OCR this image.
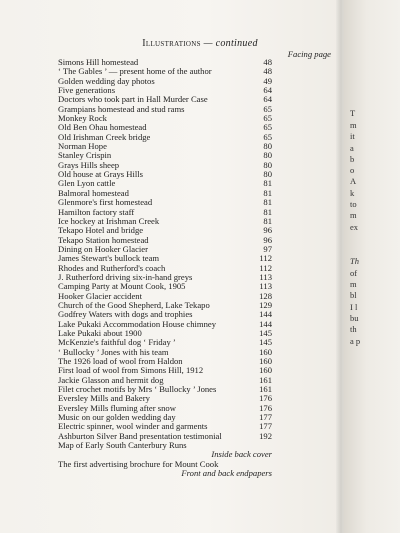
T
m
it
a
b
o
A
k
to
m
ex
Th
of
m
bl
I l
bu
th
a p
Illustrations — continued
Facing page
Simons Hill homestead	48
‘ The Gables ’ — present home of the author	48
Golden wedding day photos	49
Five generations	64
Doctors who took part in Hall Murder Case	64
Grampians homestead and stud rams	65
Monkey Rock	65
Old Ben Ohau homestead	65
Old Irishman Creek bridge	65
Norman Hope	80
Stanley Crispin	80
Grays Hills sheep	80
Old house at Grays Hills	80
Glen Lyon cattle	81
Balmoral homestead	81
Glenmore's first homestead	81
Hamilton factory staff	81
Ice hockey at Irishman Creek	81
Tekapo Hotel and bridge	96
Tekapo Station homestead	96
Dining on Hooker Glacier	97
James Stewart's bullock team	112
Rhodes and Rutherford's coach	112
J. Rutherford driving six-in-hand greys	113
Camping Party at Mount Cook, 1905	113
Hooker Glacier accident	128
Church of the Good Shepherd, Lake Tekapo	129
Godfrey Waters with dogs and trophies	144
Lake Pukaki Accommodation House chimney	144
Lake Pukaki about 1900	145
McKenzie's faithful dog ‘ Friday ’	145
‘ Bullocky ’ Jones with his team	160
The 1926 load of wool from Haldon	160
First load of wool from Simons Hill, 1912	160
Jackie Glasson and hermit dog	161
Filet crochet motifs by Mrs ‘ Bullocky ’ Jones	161
Eversley Mills and Bakery	176
Eversley Mills fluming after snow	176
Music on our golden wedding day	177
Electric spinner, wool winder and garments	177
Ashburton Silver Band presentation testimonial	192
Map of Early South Canterbury Runs
Inside back cover
The first advertising brochure for Mount Cook
Front and back endpapers
